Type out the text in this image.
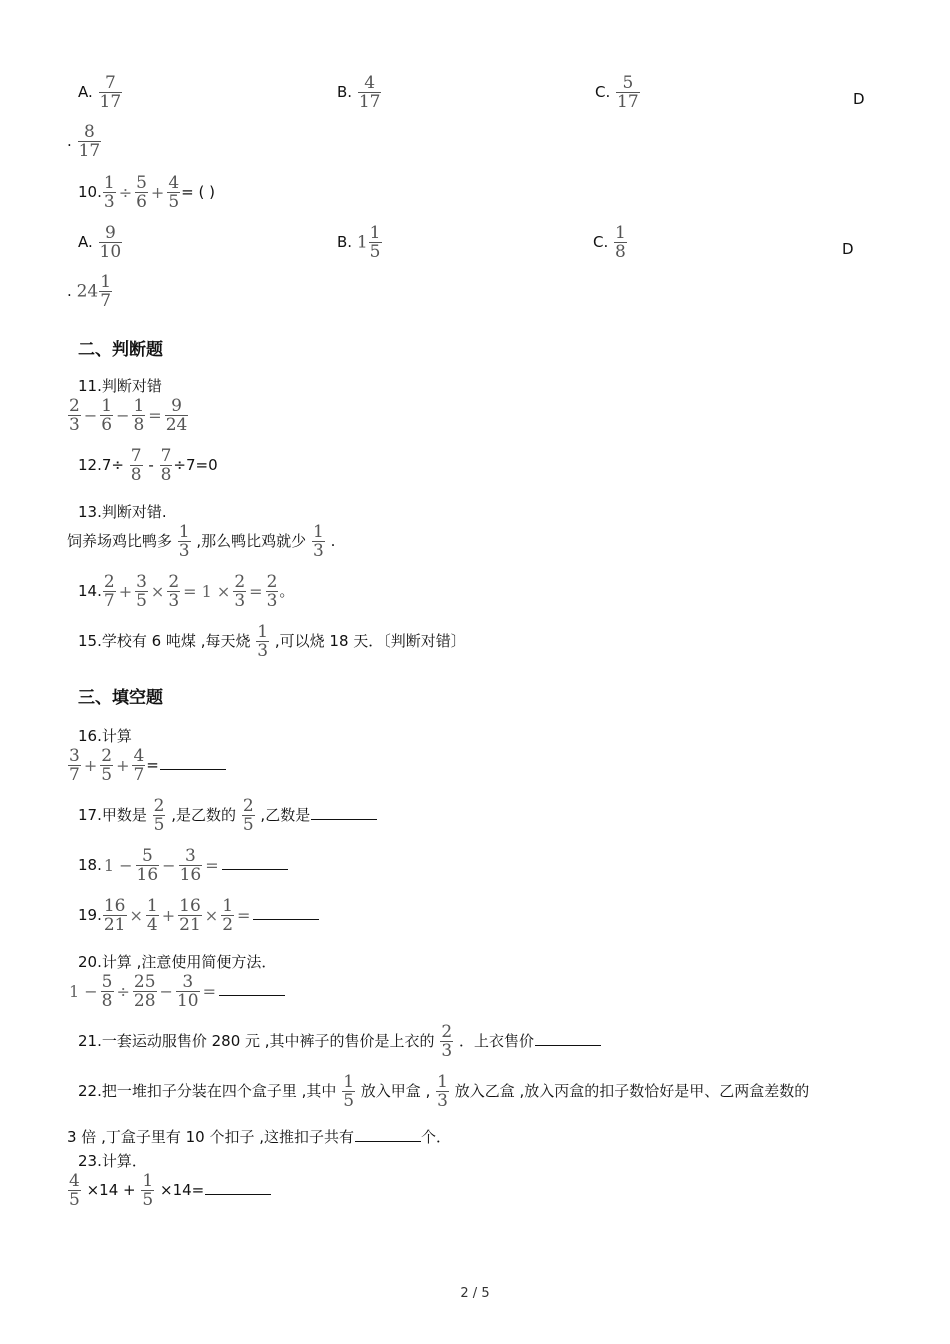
A. $\frac{7}{17}$	B. $\frac{4}{17}$	C. $\frac{5}{17}$	D
. $\frac{8}{17}$
10. $\frac{1}{3} \div \frac{5}{6} + \frac{4}{5}$ = ( )
A. $\frac{9}{10}$	B. $1 \frac{1}{5}$	C. $\frac{1}{8}$	D
. $24 \frac{1}{7}$
二、判断题
11.判断对错
$\frac{2}{3} - \frac{1}{6} - \frac{1}{8} = \frac{9}{24}$
$12.7\div \frac{7}{8} - \frac{7}{8} \div 7=0$
13.判断对错.
饲养场鸡比鸭多 $\frac{1}{3}$ ,那么鸭比鸡就少 $\frac{1}{3}$ .
14. $\frac{2}{7} + \frac{3}{5} \times \frac{2}{3} = 1 \times \frac{2}{3} = \frac{2}{3}$ 。
15.学校有 6 吨煤 ,每天烧 $\frac{1}{3}$ ,可以烧 18 天．〔判断对错〕
三、填空题
16.计算
$\frac{3}{7} + \frac{2}{5} + \frac{4}{7}$ =
17.甲数是 $\frac{2}{5}$ ,是乙数的 $\frac{2}{5}$ ,乙数是
18. $1 - \frac{5}{16} - \frac{3}{16}$ =
19. $\frac{16}{21} \times \frac{1}{4} + \frac{16}{21} \times \frac{1}{2}$ =
20.计算 ,注意使用简便方法．
$1 - \frac{5}{8} \div \frac{25}{28} - \frac{3}{10}$ =
21.一套运动服售价 280 元 ,其中裤子的售价是上衣的 $\frac{2}{3}$ ．上衣售价
22.把一堆扣子分装在四个盒子里 ,其中 $\frac{1}{5}$ 放入甲盒 , $\frac{1}{3}$ 放入乙盒 ,放入丙盒的扣子数恰好是甲、乙两盒差数的
3 倍 ,丁盒子里有 10 个扣子 ,这推扣子共有	个．
23.计算．
$\frac{4}{5} \times 14 + \frac{1}{5} \times 14=$
2 / 5
